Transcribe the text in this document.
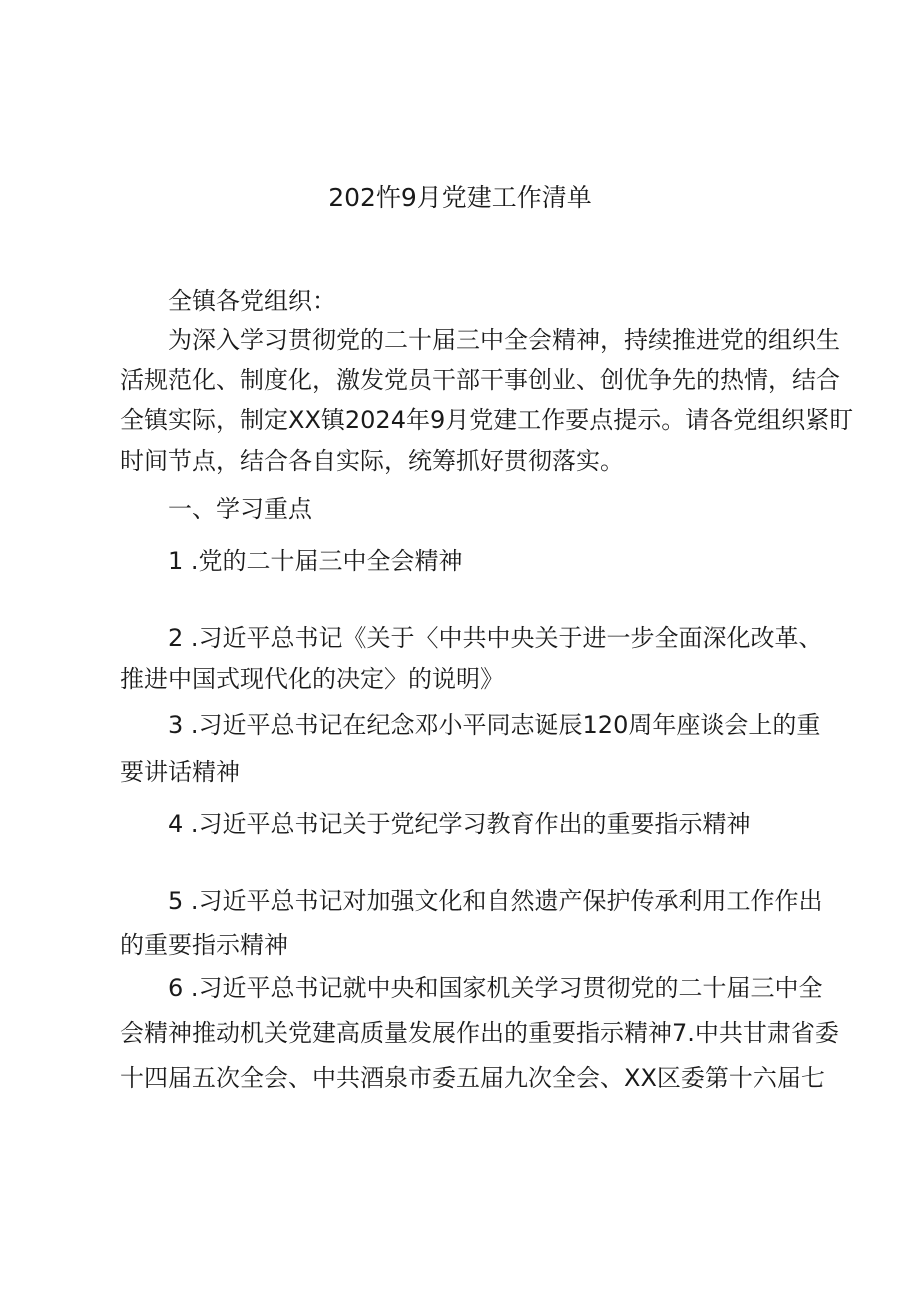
202忤9月党建工作清单
全镇各党组织：
为深入学习贯彻党的二十届三中全会精神，持续推进党的组织生
活规范化、制度化，激发党员干部干事创业、创优争先的热情，结合
全镇实际，制定XX镇2024年9月党建工作要点提示。请各党组织紧盯
时间节点，结合各自实际，统筹抓好贯彻落实。
一、学习重点
1 .党的二十届三中全会精神
2 .习近平总书记《关于〈中共中央关于进一步全面深化改革、
推进中国式现代化的决定〉的说明》
3 .习近平总书记在纪念邓小平同志诞辰120周年座谈会上的重
要讲话精神
4 .习近平总书记关于党纪学习教育作出的重要指示精神
5 .习近平总书记对加强文化和自然遗产保护传承利用工作作出
的重要指示精神
6 .习近平总书记就中央和国家机关学习贯彻党的二十届三中全
会精神推动机关党建高质量发展作出的重要指示精神7.中共甘肃省委
十四届五次全会、中共酒泉市委五届九次全会、XX区委第十六届七
